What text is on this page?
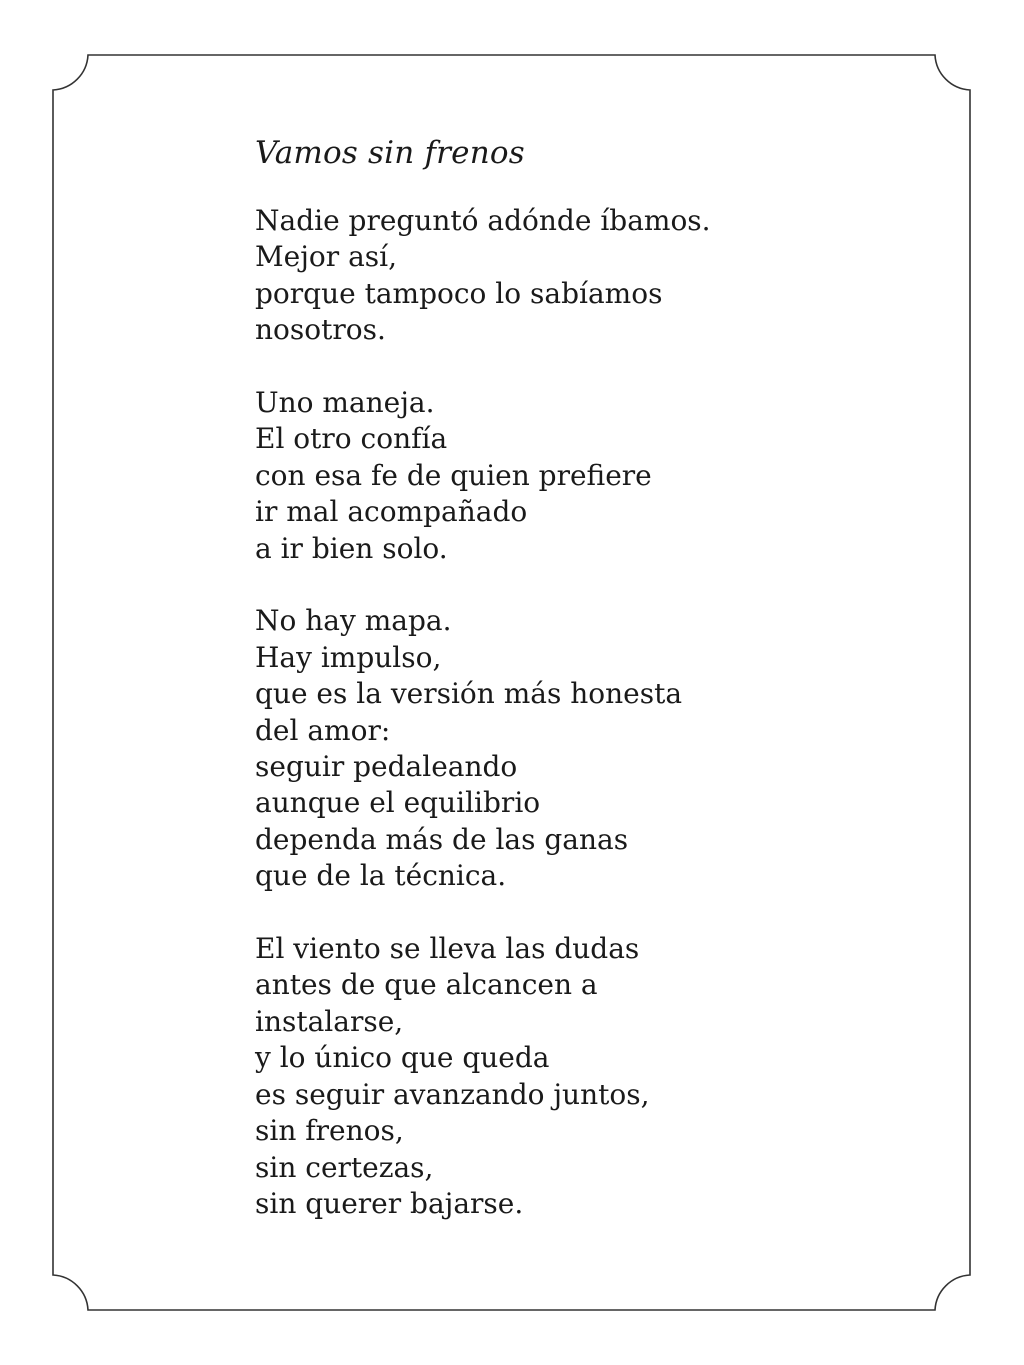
Vamos sin frenos
Nadie preguntó adónde íbamos.
Mejor así,
porque tampoco lo sabíamos
nosotros.
Uno maneja.
El otro confía
con esa fe de quien prefiere
ir mal acompañado
a ir bien solo.
No hay mapa.
Hay impulso,
que es la versión más honesta
del amor:
seguir pedaleando
aunque el equilibrio
dependa más de las ganas
que de la técnica.
El viento se lleva las dudas
antes de que alcancen a
instalarse,
y lo único que queda
es seguir avanzando juntos,
sin frenos,
sin certezas,
sin querer bajarse.
